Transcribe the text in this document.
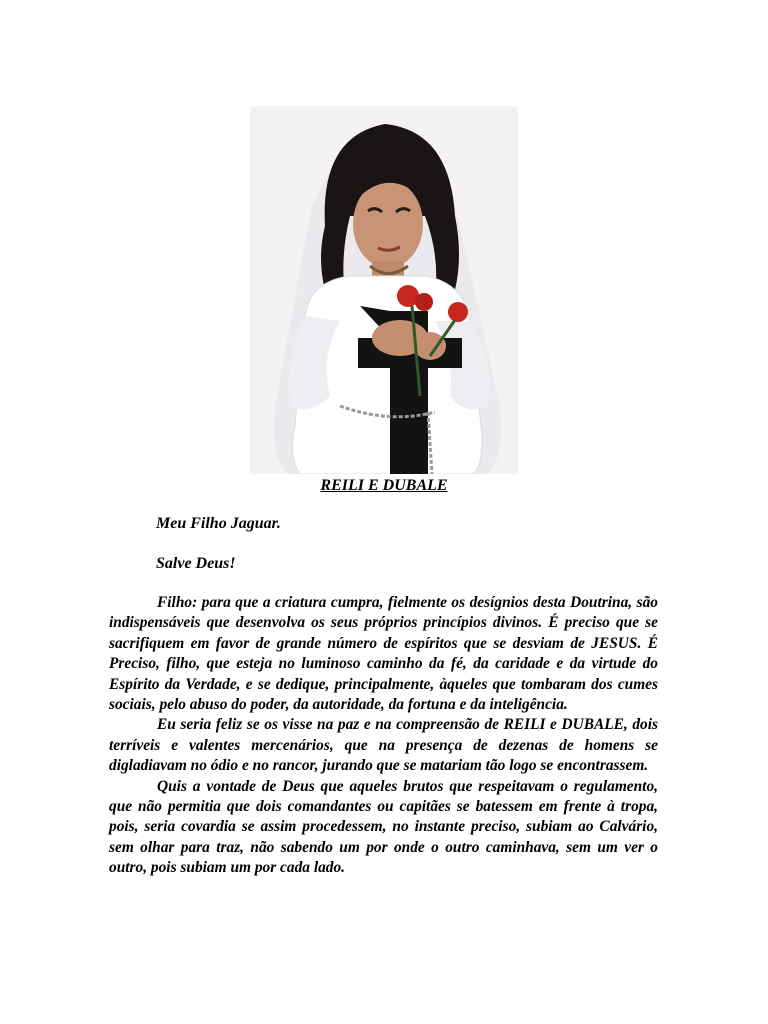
REILI E DUBALE
Meu Filho Jaguar.
Salve Deus!

Filho: para que a criatura cumpra, fielmente os desígnios desta Doutrina, são indispensáveis que desenvolva os seus próprios princípios divinos. É preciso que se sacrifiquem em favor de grande número de espíritos que se desviam de JESUS. É Preciso, filho, que esteja no luminoso caminho da fé, da caridade e da virtude do Espírito da Verdade, e se dedique, principalmente, àqueles que tombaram dos cumes sociais, pelo abuso do poder, da autoridade, da fortuna e da inteligência.

Eu seria feliz se os visse na paz e na compreensão de REILI e DUBALE, dois terríveis e valentes mercenários, que na presença de dezenas de homens se digladiavam no ódio e no rancor, jurando que se matariam tão logo se encontrassem.

Quis a vontade de Deus que aqueles brutos que respeitavam o regulamento, que não permitia que dois comandantes ou capitães se batessem em frente à tropa, pois, seria covardia se assim procedessem, no instante preciso, subiam ao Calvário, sem olhar para traz, não sabendo um por onde o outro caminhava, sem um ver o outro, pois subiam um por cada lado.
